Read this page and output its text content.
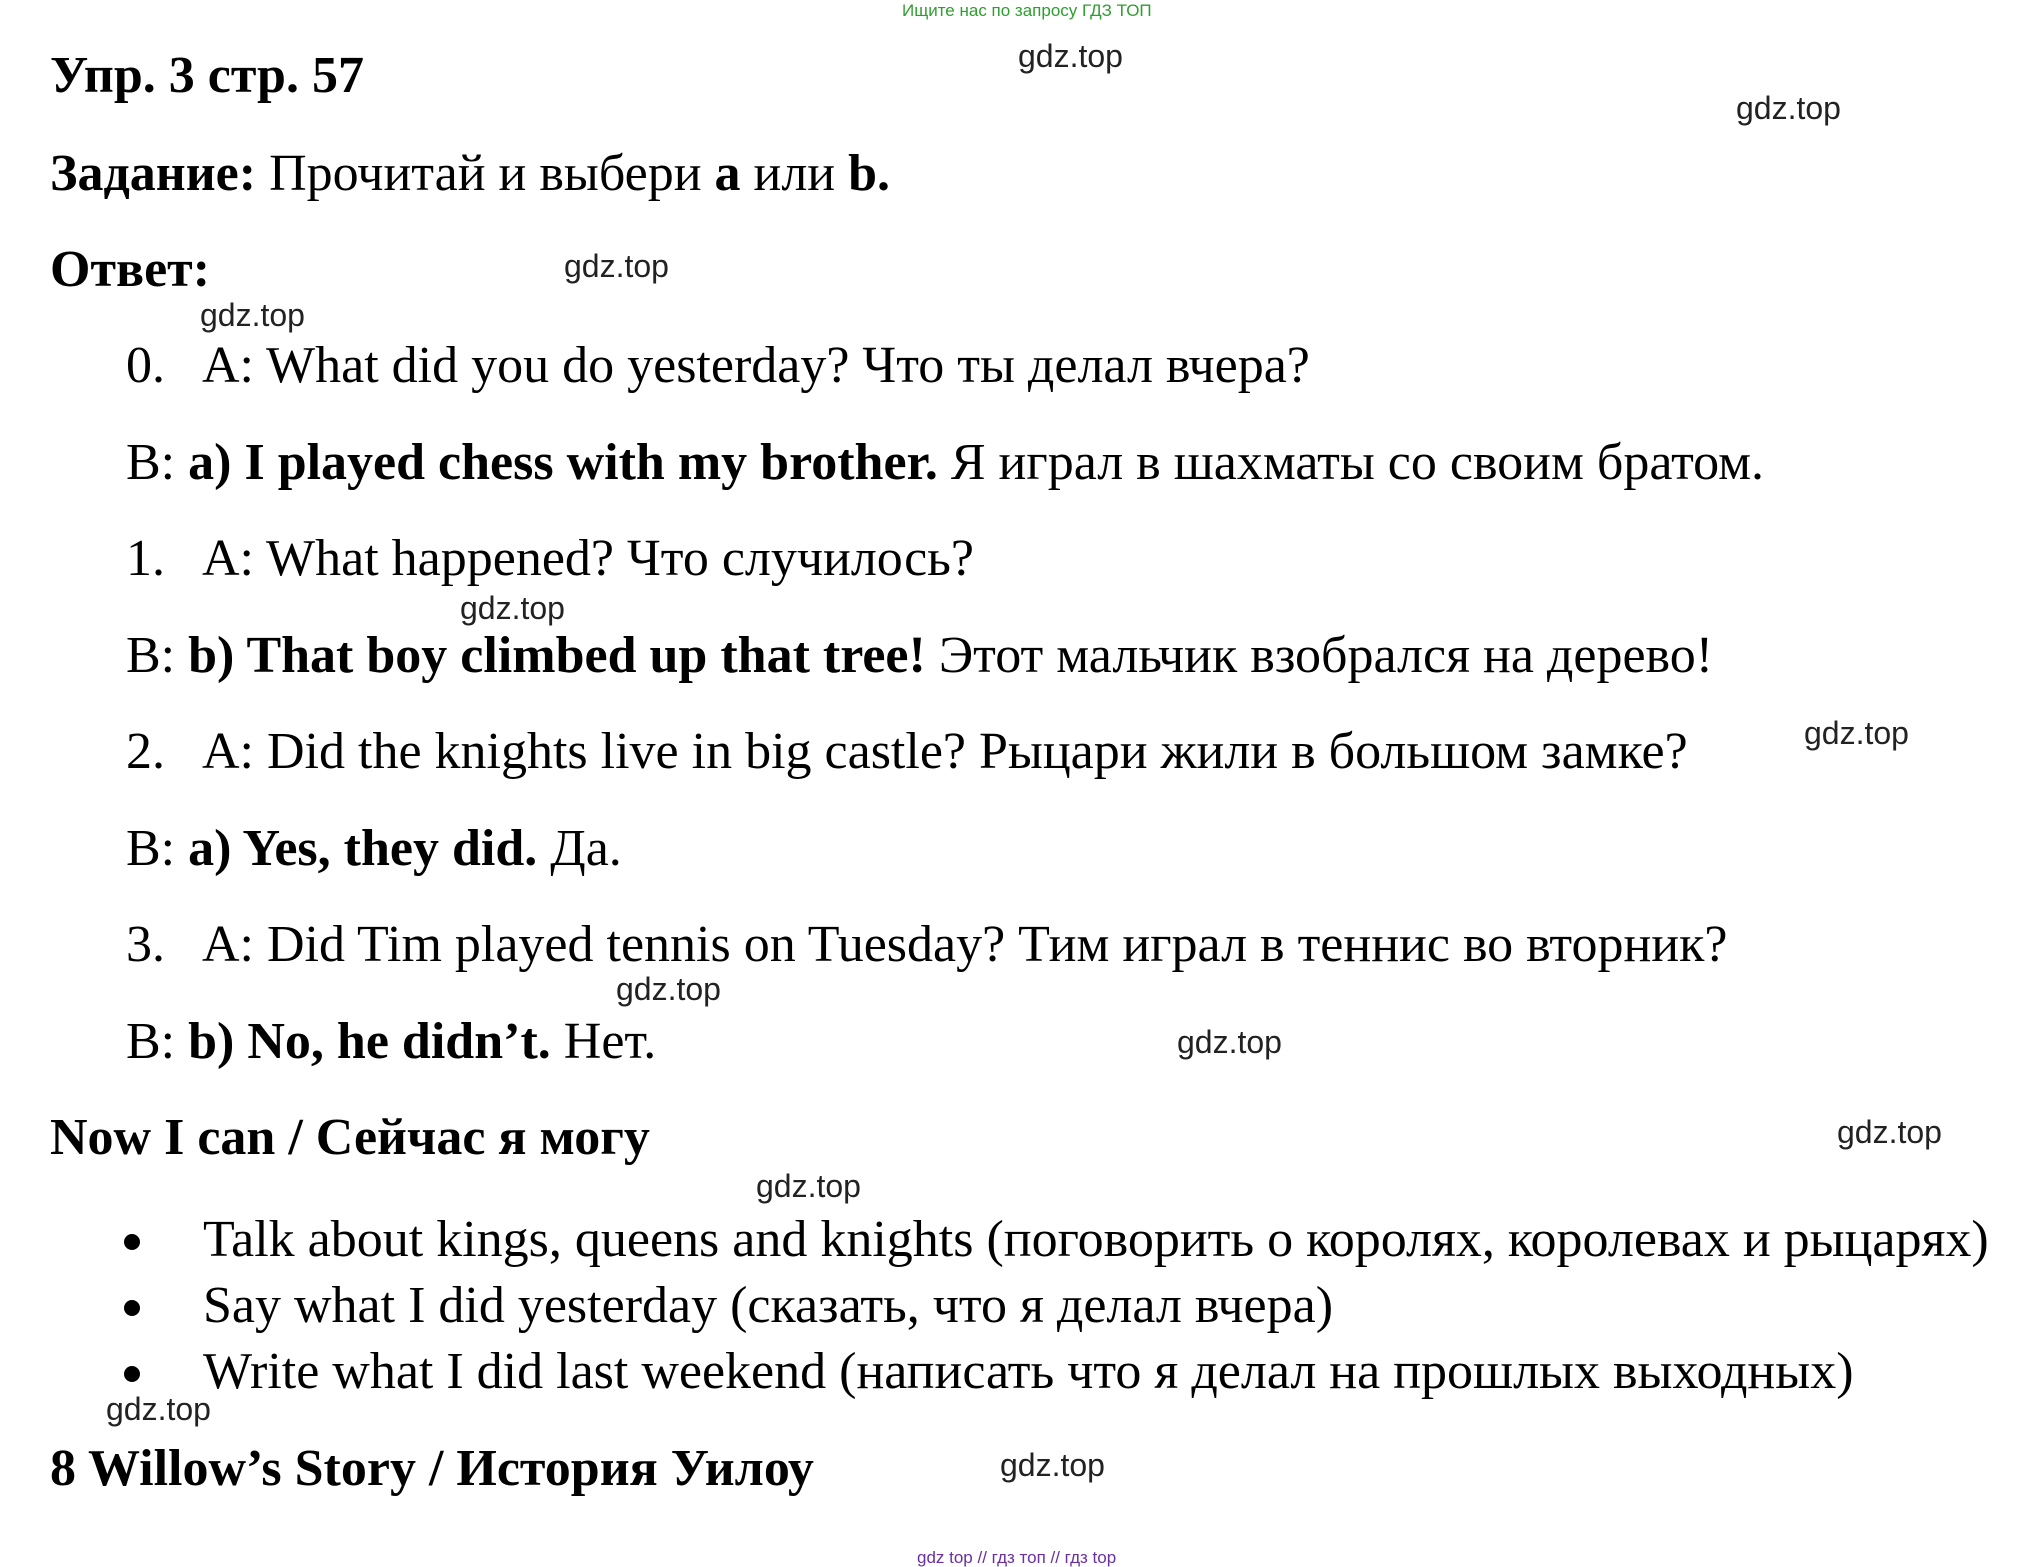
Ищите нас по запросу ГДЗ ТОП
Упр. 3 стр. 57
Задание: Прочитай и выбери a или b.
Ответ:
0. A: What did you do yesterday? Что ты делал вчера?
B: a) I played chess with my brother. Я играл в шахматы со своим братом.
1. A: What happened? Что случилось?
B: b) That boy climbed up that tree! Этот мальчик взобрался на дерево!
2. A: Did the knights live in big castle? Рыцари жили в большом замке?
B: a) Yes, they did. Да.
3. A: Did Tim played tennis on Tuesday? Тим играл в теннис во вторник?
B: b) No, he didn’t. Нет.
Now I can / Сейчас я могу
Talk about kings, queens and knights (поговорить о королях, королевах и рыцарях)
Say what I did yesterday (сказать, что я делал вчера)
Write what I did last weekend (написать что я делал на прошлых выходных)
8 Willow’s Story / История Уилоу
gdz.top
gdz.top
gdz.top
gdz.top
gdz.top
gdz.top
gdz.top
gdz.top
gdz.top
gdz.top
gdz.top
gdz.top
gdz top // гдз топ // гдз top
